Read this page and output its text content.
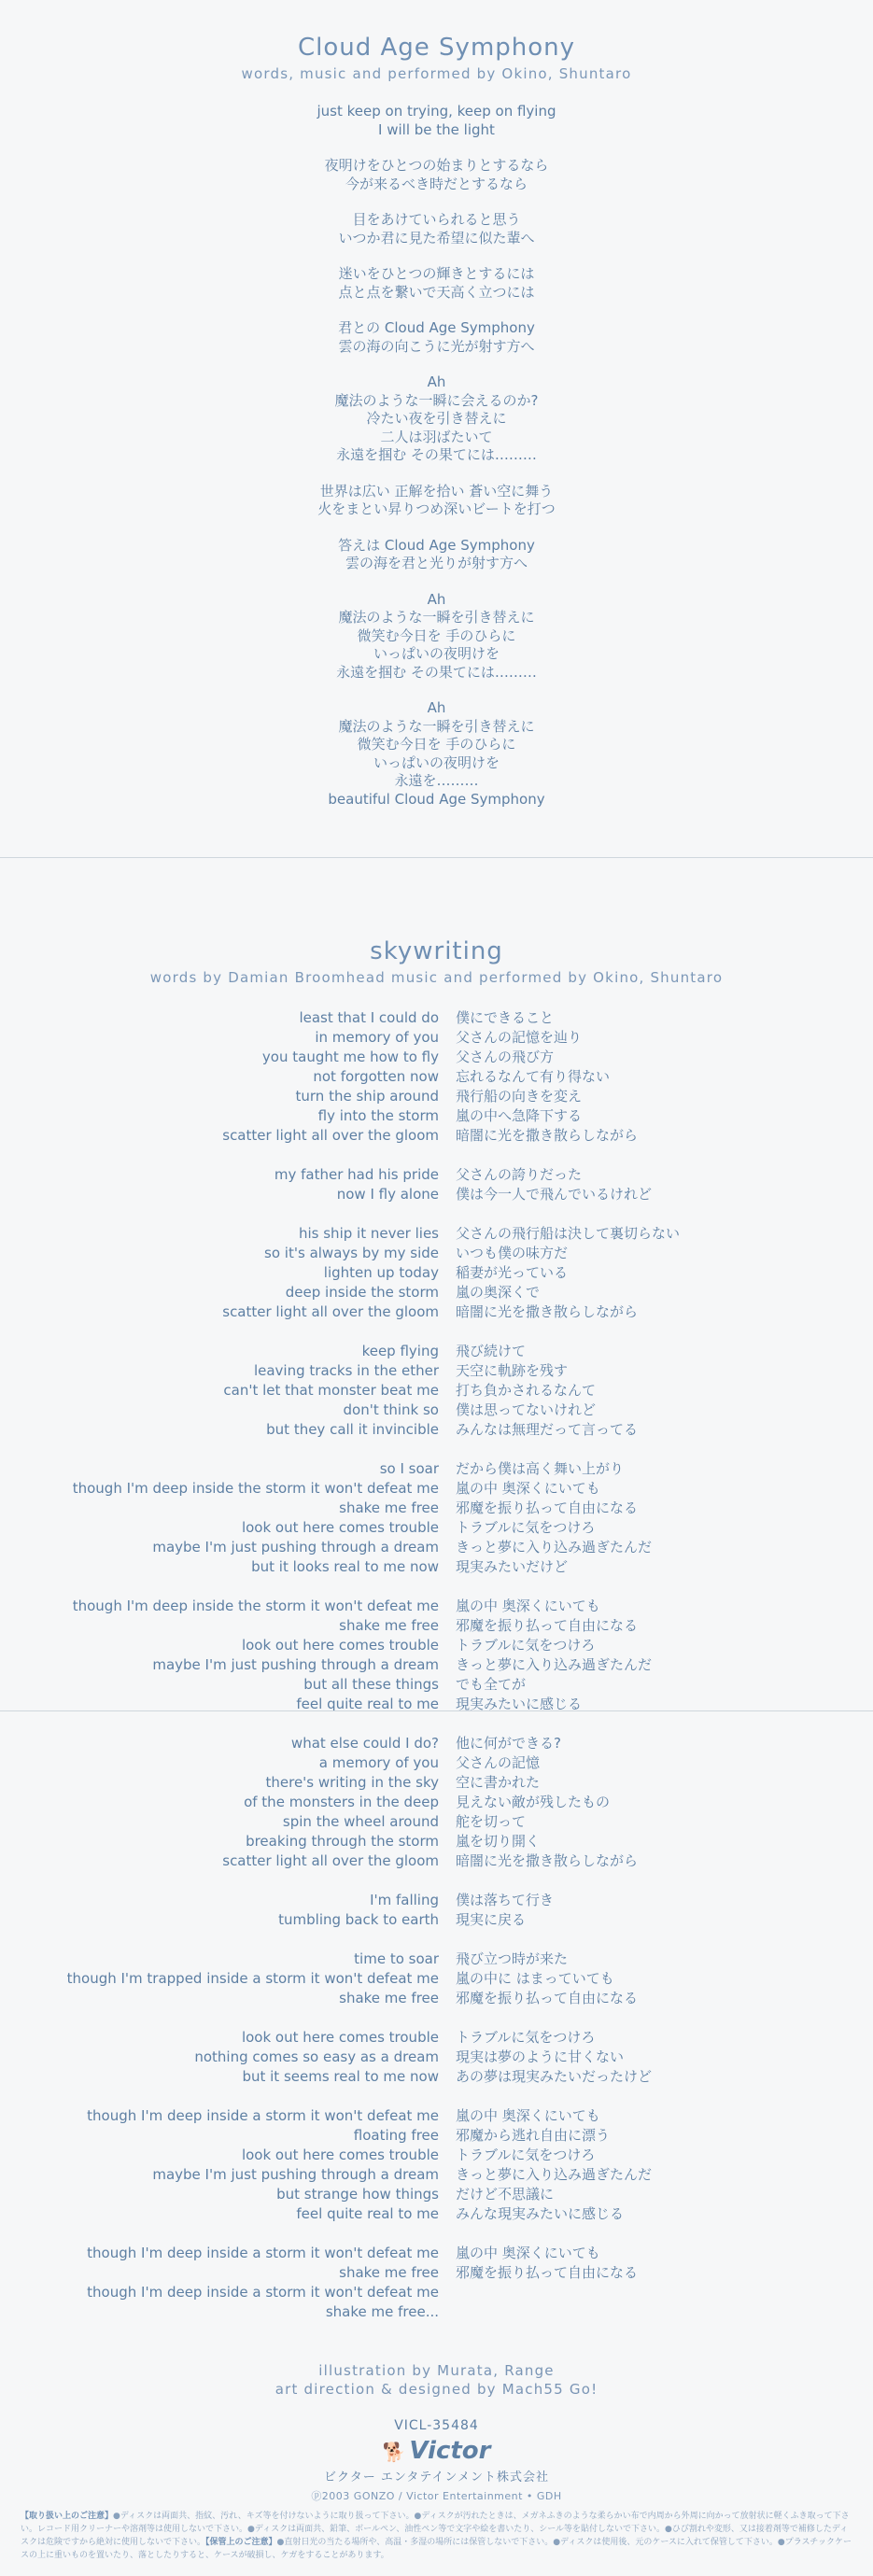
Cloud Age Symphony
words, music and performed by Okino, Shuntaro
just keep on trying, keep on flying
I will be the light
夜明けをひとつの始まりとするなら
今が来るべき時だとするなら
目をあけていられると思う
いつか君に見た希望に似た輩へ
迷いをひとつの輝きとするには
点と点を繋いで天高く立つには
君との Cloud Age Symphony
雲の海の向こうに光が射す方へ
Ah
魔法のような一瞬に会えるのか?
冷たい夜を引き替えに
二人は羽ばたいて
永遠を掴む その果てには………
世界は広い 正解を拾い 蒼い空に舞う
火をまとい昇りつめ深いビートを打つ
答えは Cloud Age Symphony
雲の海を君と光りが射す方へ
Ah
魔法のような一瞬を引き替えに
微笑む今日を 手のひらに
いっぱいの夜明けを
永遠を掴む その果てには………
Ah
魔法のような一瞬を引き替えに
微笑む今日を 手のひらに
いっぱいの夜明けを
永遠を………
beautiful Cloud Age Symphony
skywriting
words by Damian Broomhead music and performed by Okino, Shuntaro
least that I could do 僕にできること
in memory of you 父さんの記憶を辿り
you taught me how to fly 父さんの飛び方
not forgotten now 忘れるなんて有り得ない
turn the ship around 飛行船の向きを変え
fly into the storm 嵐の中へ急降下する
scatter light all over the gloom 暗闇に光を撒き散らしながら
my father had his pride 父さんの誇りだった
now I fly alone 僕は今一人で飛んでいるけれど
his ship it never lies 父さんの飛行船は決して裏切らない
so it's always by my side いつも僕の味方だ
lighten up today 稲妻が光っている
deep inside the storm 嵐の奥深くで
scatter light all over the gloom 暗闇に光を撒き散らしながら
keep flying 飛び続けて
leaving tracks in the ether 天空に軌跡を残す
can't let that monster beat me 打ち負かされるなんて
don't think so 僕は思ってないけれど
but they call it invincible みんなは無理だって言ってる
so I soar だから僕は高く舞い上がり
though I'm deep inside the storm it won't defeat me 嵐の中 奥深くにいても
shake me free 邪魔を振り払って自由になる
look out here comes trouble トラブルに気をつけろ
maybe I'm just pushing through a dream きっと夢に入り込み過ぎたんだ
but it looks real to me now 現実みたいだけど
though I'm deep inside the storm it won't defeat me 嵐の中 奥深くにいても
shake me free 邪魔を振り払って自由になる
look out here comes trouble トラブルに気をつけろ
maybe I'm just pushing through a dream きっと夢に入り込み過ぎたんだ
but all these things でも全てが
feel quite real to me 現実みたいに感じる
what else could I do? 他に何ができる?
a memory of you 父さんの記憶
there's writing in the sky 空に書かれた
of the monsters in the deep 見えない敵が残したもの
spin the wheel around 舵を切って
breaking through the storm 嵐を切り開く
scatter light all over the gloom 暗闇に光を撒き散らしながら
I'm falling 僕は落ちて行き
tumbling back to earth 現実に戻る
time to soar 飛び立つ時が来た
though I'm trapped inside a storm it won't defeat me 嵐の中に はまっていても
shake me free 邪魔を振り払って自由になる
look out here comes trouble トラブルに気をつけろ
nothing comes so easy as a dream 現実は夢のように甘くない
but it seems real to me now あの夢は現実みたいだったけど
though I'm deep inside a storm it won't defeat me 嵐の中 奥深くにいても
floating free 邪魔から逃れ自由に漂う
look out here comes trouble トラブルに気をつけろ
maybe I'm just pushing through a dream きっと夢に入り込み過ぎたんだ
but strange how things だけど不思議に
feel quite real to me みんな現実みたいに感じる
though I'm deep inside a storm it won't defeat me 嵐の中 奥深くにいても
shake me free 邪魔を振り払って自由になる
though I'm deep inside a storm it won't defeat me
shake me free...
illustration by Murata, Range
art direction & designed by Mach55 Go!
VICL-35484
🐕 Victor
ビクター エンタテインメント株式会社
ⓟ2003 GONZO / Victor Entertainment • GDH
【取り扱い上のご注意】●ディスクは両面共、指紋、汚れ、キズ等を付けないように取り扱って下さい。●ディスクが汚れたときは、メガネふきのような柔らかい布で内周から外周に向かって放射状に軽くふき取って下さい。レコード用クリーナーや溶剤等は使用しないで下さい。●ディスクは両面共、鉛筆、ボールペン、油性ペン等で文字や絵を書いたり、シール等を貼付しないで下さい。●ひび割れや変形、又は接着剤等で補修したディスクは危険ですから絶対に使用しないで下さい。【保管上のご注意】●直射日光の当たる場所や、高温・多湿の場所には保管しないで下さい。●ディスクは使用後、元のケースに入れて保管して下さい。●プラスチックケースの上に重いものを置いたり、落としたりすると、ケースが破損し、ケガをすることがあります。
